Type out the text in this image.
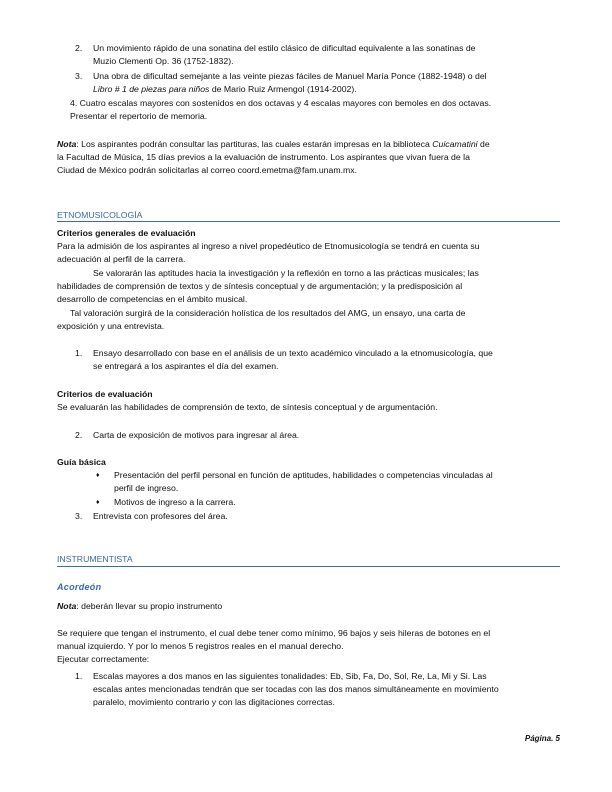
2. Un movimiento rápido de una sonatina del estilo clásico de dificultad equivalente a las sonatinas de
Muzio Clementi Op. 36 (1752-1832).
3. Una obra de dificultad semejante a las veinte piezas fáciles de Manuel María Ponce (1882-1948) o del
Libro # 1 de piezas para niños de Mario Ruiz Armengol (1914-2002).
4. Cuatro escalas mayores con sostenidos en dos octavas y 4 escalas mayores con bemoles en dos octavas.
Presentar el repertorio de memoria.
Nota: Los aspirantes podrán consultar las partituras, las cuales estarán impresas en la biblioteca Cuicamatini de
la Facultad de Música, 15 días previos a la evaluación de instrumento. Los aspirantes que vivan fuera de la
Ciudad de México podrán solicitarlas al correo coord.emetma@fam.unam.mx.
ETNOMUSICOLOGÍA
Criterios generales de evaluación
Para la admisión de los aspirantes al ingreso a nivel propedéutico de Etnomusicología se tendrá en cuenta su
adecuación al perfil de la carrera.
Se valorarán las aptitudes hacia la investigación y la reflexión en torno a las prácticas musicales; las
habilidades de comprensión de textos y de síntesis conceptual y de argumentación; y la predisposición al
desarrollo de competencias en el ámbito musical.
Tal valoración surgirá de la consideración holística de los resultados del AMG, un ensayo, una carta de
exposición y una entrevista.
1. Ensayo desarrollado con base en el análisis de un texto académico vinculado a la etnomusicología, que
se entregará a los aspirantes el día del examen.
Criterios de evaluación
Se evaluarán las habilidades de comprensión de texto, de síntesis conceptual y de argumentación.
2. Carta de exposición de motivos para ingresar al área.
Guía básica
♦ Presentación del perfil personal en función de aptitudes, habilidades o competencias vinculadas al
perfil de ingreso.
♦ Motivos de ingreso a la carrera.
3. Entrevista con profesores del área.
INSTRUMENTISTA
Acordeón
Nota: deberán llevar su propio instrumento
Se requiere que tengan el instrumento, el cual debe tener como mínimo, 96 bajos y seis hileras de botones en el
manual izquierdo. Y por lo menos 5 registros reales en el manual derecho.
Ejecutar correctamente:
1. Escalas mayores a dos manos en las siguientes tonalidades: Eb, Sib, Fa, Do, Sol, Re, La, Mi y Si. Las
escalas antes mencionadas tendrán que ser tocadas con las dos manos simultáneamente en movimiento
paralelo, movimiento contrario y con las digitaciones correctas.
Página. 5
